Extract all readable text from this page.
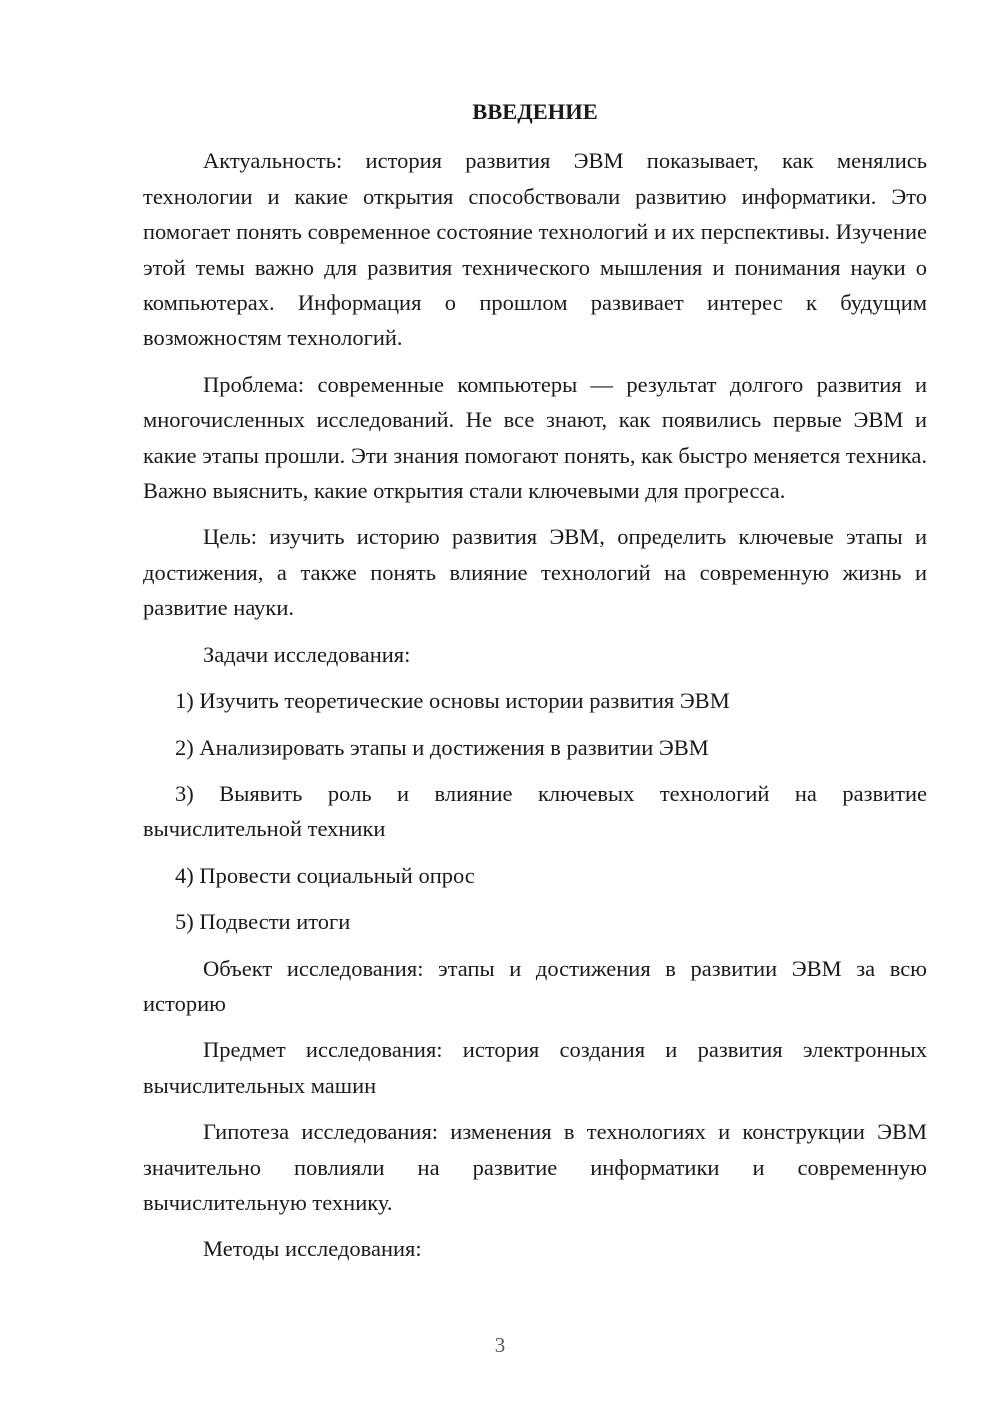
ВВЕДЕНИЕ

Актуальность: история развития ЭВМ показывает, как менялись технологии и какие открытия способствовали развитию информатики. Это помогает понять современное состояние технологий и их перспективы. Изучение этой темы важно для развития технического мышления и понимания науки о компьютерах. Информация о прошлом развивает интерес к будущим возможностям технологий.

Проблема: современные компьютеры — результат долгого развития и многочисленных исследований. Не все знают, как появились первые ЭВМ и какие этапы прошли. Эти знания помогают понять, как быстро меняется техника. Важно выяснить, какие открытия стали ключевыми для прогресса.

Цель: изучить историю развития ЭВМ, определить ключевые этапы и достижения, а также понять влияние технологий на современную жизнь и развитие науки.

Задачи исследования:

1) Изучить теоретические основы истории развития ЭВМ

2) Анализировать этапы и достижения в развитии ЭВМ

3) Выявить роль и влияние ключевых технологий на развитие вычислительной техники

4) Провести социальный опрос

5) Подвести итоги

Объект исследования: этапы и достижения в развитии ЭВМ за всю историю

Предмет исследования: история создания и развития электронных вычислительных машин

Гипотеза исследования: изменения в технологиях и конструкции ЭВМ значительно повлияли на развитие информатики и современную вычислительную технику.

Методы исследования:

3
